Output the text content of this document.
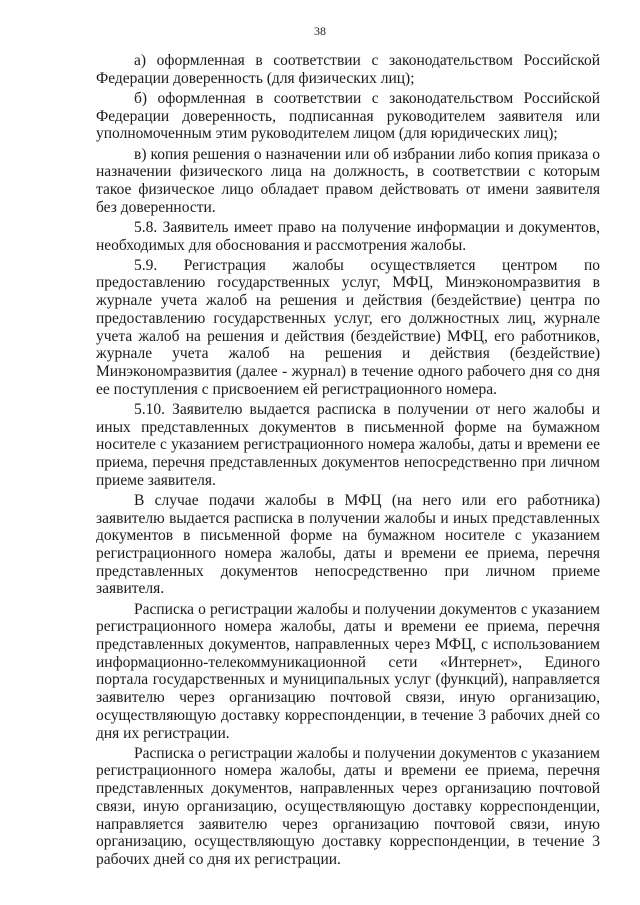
38

а) оформленная в соответствии с законодательством Российской Федерации доверенность (для физических лиц);

б) оформленная в соответствии с законодательством Российской Федерации доверенность, подписанная руководителем заявителя или уполномоченным этим руководителем лицом (для юридических лиц);

в) копия решения о назначении или об избрании либо копия приказа о назначении физического лица на должность, в соответствии с которым такое физическое лицо обладает правом действовать от имени заявителя без доверенности.

5.8. Заявитель имеет право на получение информации и документов, необходимых для обоснования и рассмотрения жалобы.

5.9. Регистрация жалобы осуществляется центром по предоставлению государственных услуг, МФЦ, Минэкономразвития в журнале учета жалоб на решения и действия (бездействие) центра по предоставлению государственных услуг, его должностных лиц, журнале учета жалоб на решения и действия (бездействие) МФЦ, его работников, журнале учета жалоб на решения и действия (бездействие) Минэкономразвития (далее - журнал) в течение одного рабочего дня со дня ее поступления с присвоением ей регистрационного номера.

5.10. Заявителю выдается расписка в получении от него жалобы и иных представленных документов в письменной форме на бумажном носителе с указанием регистрационного номера жалобы, даты и времени ее приема, перечня представленных документов непосредственно при личном приеме заявителя.

В случае подачи жалобы в МФЦ (на него или его работника) заявителю выдается расписка в получении жалобы и иных представленных документов в письменной форме на бумажном носителе с указанием регистрационного номера жалобы, даты и времени ее приема, перечня представленных документов непосредственно при личном приеме заявителя.

Расписка о регистрации жалобы и получении документов с указанием регистрационного номера жалобы, даты и времени ее приема, перечня представленных документов, направленных через МФЦ, с использованием информационно-телекоммуникационной сети «Интернет», Единого портала государственных и муниципальных услуг (функций), направляется заявителю через организацию почтовой связи, иную организацию, осуществляющую доставку корреспонденции, в течение 3 рабочих дней со дня их регистрации.

Расписка о регистрации жалобы и получении документов с указанием регистрационного номера жалобы, даты и времени ее приема, перечня представленных документов, направленных через организацию почтовой связи, иную организацию, осуществляющую доставку корреспонденции, направляется заявителю через организацию почтовой связи, иную организацию, осуществляющую доставку корреспонденции, в течение 3 рабочих дней со дня их регистрации.
